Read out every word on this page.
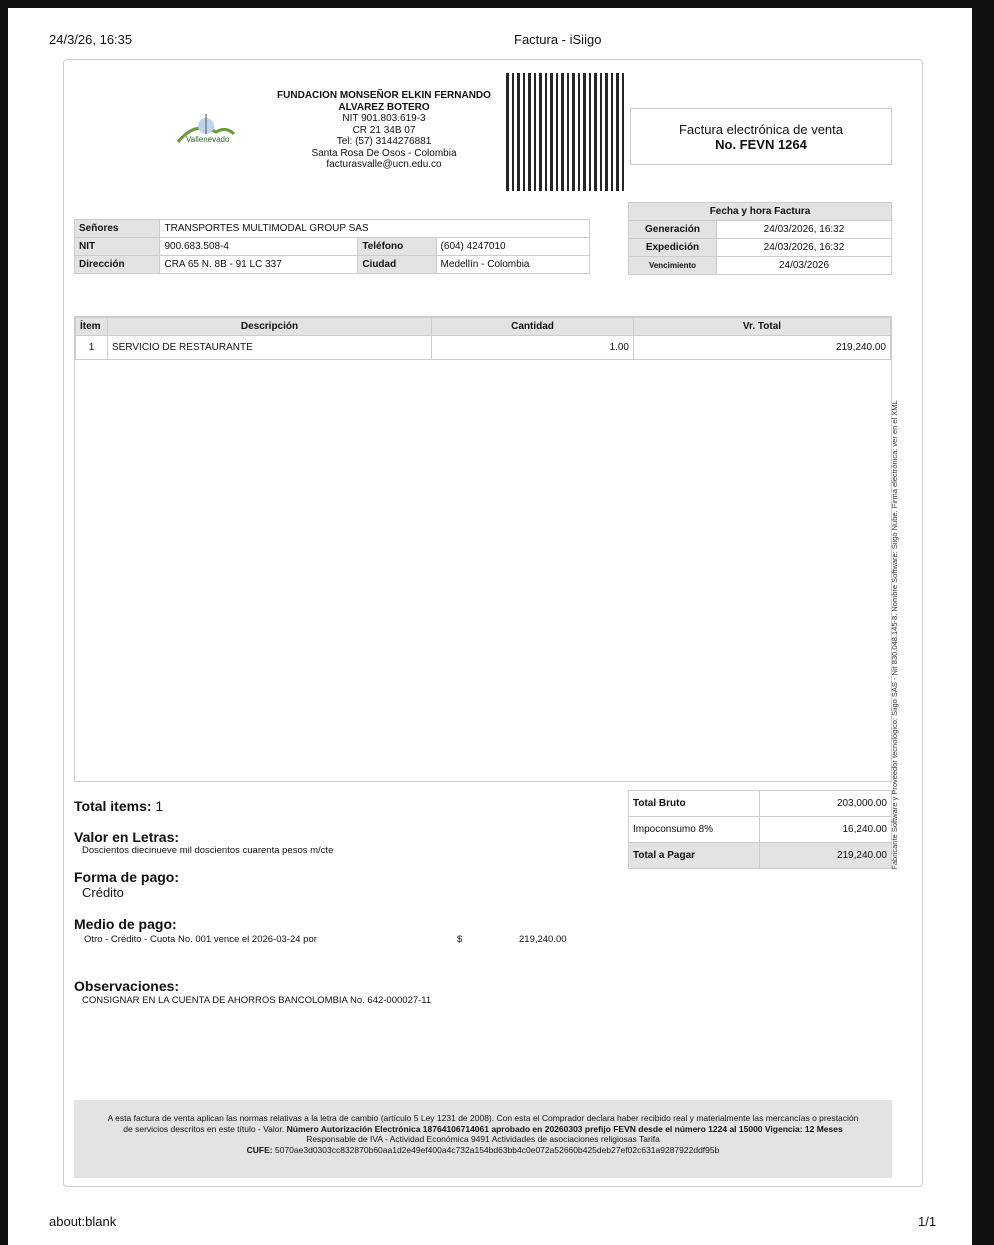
24/3/26, 16:35	Factura - iSiigo
about:blank	1/1
Vallenevado
FUNDACION MONSEÑOR ELKIN FERNANDO ALVAREZ BOTERO
NIT 901.803.619-3
CR 21 34B 07
Tel: (57) 3144276881
Santa Rosa De Osos - Colombia
facturasvalle@ucn.edu.co
Factura electrónica de venta
No. FEVN 1264
Señores	TRANSPORTES MULTIMODAL GROUP SAS		
NIT	900.683.508-4	Teléfono	(604) 4247010
Dirección	CRA 65 N. 8B - 91 LC 337	Ciudad	Medellín - Colombia
Fecha y hora Factura	
Generación	24/03/2026, 16:32
Expedición	24/03/2026, 16:32
Vencimiento	24/03/2026
Ítem	Descripción	Cantidad	Vr. Total
1	SERVICIO DE RESTAURANTE	1.00	219,240.00
Total items: 1
Valor en Letras:
Doscientos diecinueve mil doscientos cuarenta pesos m/cte
Forma de pago:
Crédito
Medio de pago:
Otro - Crédito - Cuota No. 001 vence el 2026-03-24 por	$	219,240.00
Observaciones:
CONSIGNAR EN LA CUENTA DE AHORROS BANCOLOMBIA No. 642-000027-11
Total Bruto	203,000.00
Impoconsumo 8%	16,240.00
Total a Pagar	219,240.00
A esta factura de venta aplican las normas relativas a la letra de cambio (artículo 5 Ley 1231 de 2008). Con esta el Comprador declara haber recibido real y materialmente las mercancías o prestación de servicios descritos en este título - Valor. Número Autorización Electrónica 18764106714061 aprobado en 20260303 prefijo FEVN desde el número 1224 al 15000 Vigencia: 12 Meses
Responsable de IVA - Actividad Económica 9491 Actividades de asociaciones religiosas Tarifa
CUFE: 5070ae3d0303cc832870b60aa1d2e49ef400a4c732a154bd63bb4c0e072a52660b425deb27ef02c631a9287922ddf95b
Fabricante Software y Proveedor tecnológico: Siigo SAS - Nit 830.048.145-8. Nombre Software: Siigo Nube. Firma electrónica: ver en el XML
